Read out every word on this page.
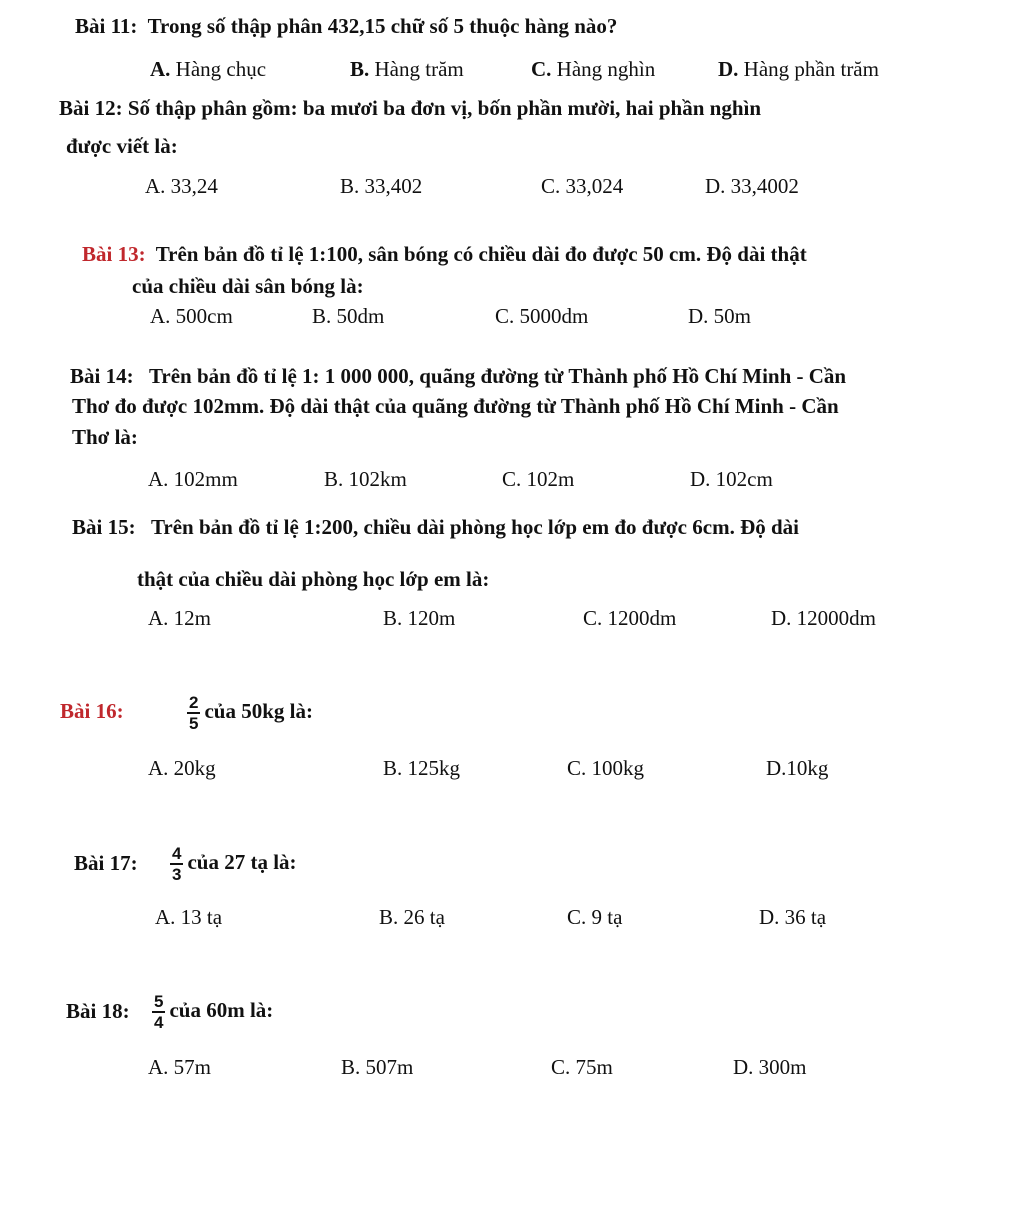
Bài 11: Trong số thập phân 432,15 chữ số 5 thuộc hàng nào?
A. Hàng chục	B. Hàng trăm	C. Hàng nghìn	D. Hàng phần trăm
Bài 12: Số thập phân gồm: ba mươi ba đơn vị, bốn phần mười, hai phần nghìn
được viết là:
A. 33,24	B. 33,402	C. 33,024	D. 33,4002
Bài 13: Trên bản đồ tỉ lệ 1:100, sân bóng có chiều dài đo được 50 cm. Độ dài thật
của chiều dài sân bóng là:
A. 500cm	B. 50dm	C. 5000dm	D. 50m
Bài 14: Trên bản đồ tỉ lệ 1: 1 000 000, quãng đường từ Thành phố Hồ Chí Minh - Cần
Thơ đo được 102mm. Độ dài thật của quãng đường từ Thành phố Hồ Chí Minh - Cần
Thơ là:
A. 102mm	B. 102km	C. 102m	D. 102cm
Bài 15: Trên bản đồ tỉ lệ 1:200, chiều dài phòng học lớp em đo được 6cm. Độ dài
thật của chiều dài phòng học lớp em là:
A. 12m	B. 120m	C. 1200dm	D. 12000dm
Bài 16:	$\frac{2}{5}$ của 50kg là:
A. 20kg	B. 125kg	C. 100kg	D.10kg
Bài 17: $\frac{4}{3}$ của 27 tạ là:
A. 13 tạ	B. 26 tạ	C. 9 tạ	D. 36 tạ
Bài 18: $\frac{5}{4}$ của 60m là:
A. 57m	B. 507m	C. 75m	D. 300m
